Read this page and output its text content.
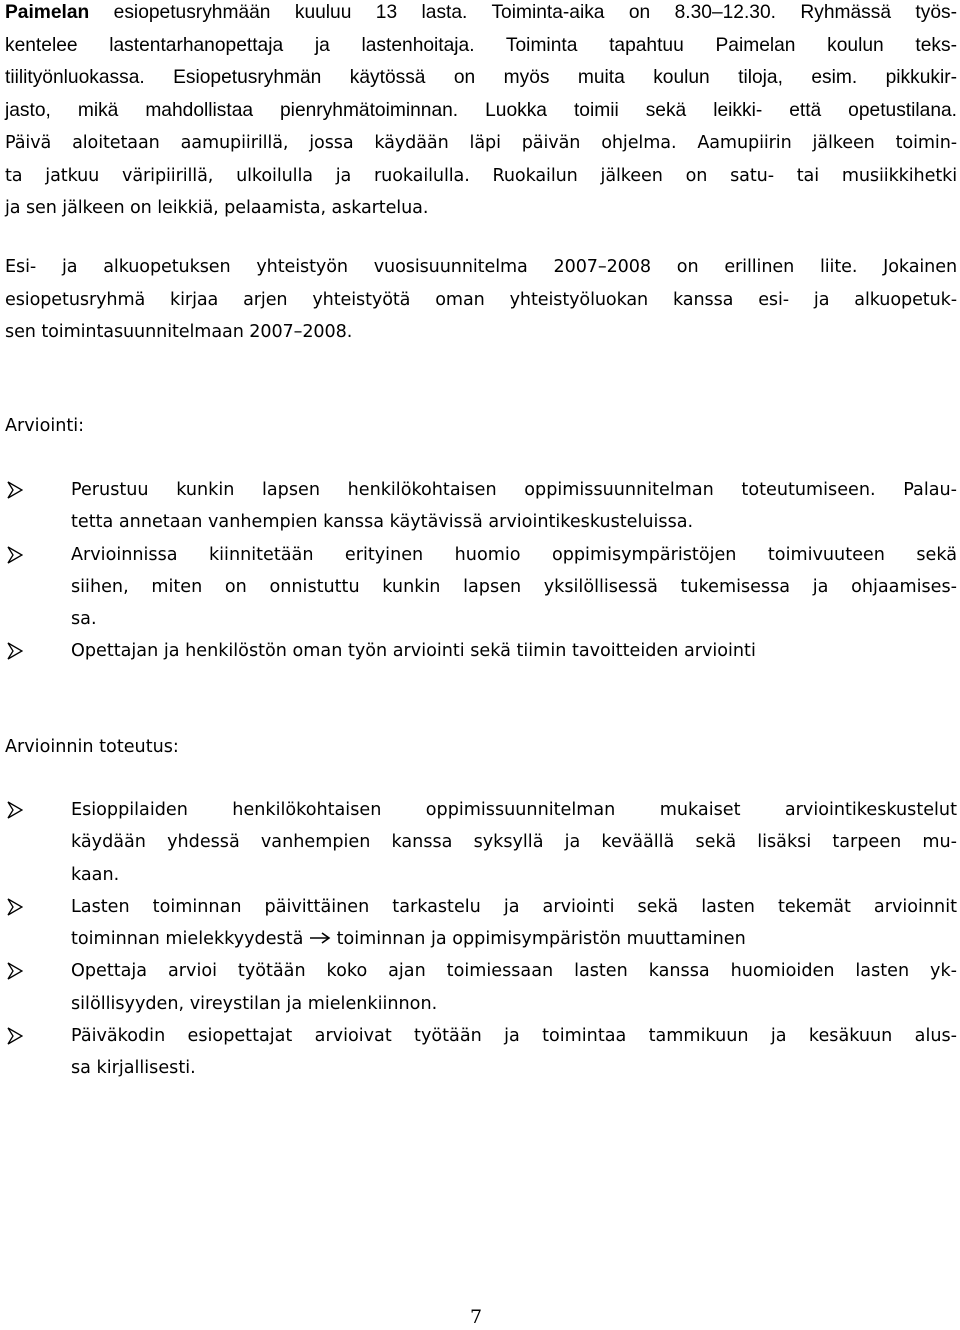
Paimelan esiopetusryhmään kuuluu 13 lasta. Toiminta-aika on 8.30–12.30. Ryhmässä työs-
kentelee lastentarhanopettaja ja lastenhoitaja. Toiminta tapahtuu Paimelan koulun teks-
tiilityönluokassa. Esiopetusryhmän käytössä on myös muita koulun tiloja, esim. pikkukir-
jasto, mikä mahdollistaa pienryhmätoiminnan. Luokka toimii sekä leikki- että opetustilana.
Päivä aloitetaan aamupiirillä, jossa käydään läpi päivän ohjelma. Aamupiirin jälkeen toimin-
ta jatkuu väripiirillä, ulkoilulla ja ruokailulla. Ruokailun jälkeen on satu- tai musiikkihetki
ja sen jälkeen on leikkiä, pelaamista, askartelua.
Esi- ja alkuopetuksen yhteistyön vuosisuunnitelma 2007–2008 on erillinen liite. Jokainen
esiopetusryhmä kirjaa arjen yhteistyötä oman yhteistyöluokan kanssa esi- ja alkuopetuk-
sen toimintasuunnitelmaan 2007–2008.

Arviointi:

Perustuu kunkin lapsen henkilökohtaisen oppimissuunnitelman toteutumiseen. Palau-
tetta annetaan vanhempien kanssa käytävissä arviointikeskusteluissa.
Arvioinnissa kiinnitetään erityinen huomio oppimisympäristöjen toimivuuteen sekä
siihen, miten on onnistuttu kunkin lapsen yksilöllisessä tukemisessa ja ohjaamises-
sa.
Opettajan ja henkilöstön oman työn arviointi sekä tiimin tavoitteiden arviointi

Arvioinnin toteutus:

Esioppilaiden henkilökohtaisen oppimissuunnitelman mukaiset arviointikeskustelut
käydään yhdessä vanhempien kanssa syksyllä ja keväällä sekä lisäksi tarpeen mu-
kaan.
Lasten toiminnan päivittäinen tarkastelu ja arviointi sekä lasten tekemät arvioinnit
toiminnan mielekkyydestä  toiminnan ja oppimisympäristön muuttaminen
Opettaja arvioi työtään koko ajan toimiessaan lasten kanssa huomioiden lasten yk-
silöllisyyden, vireystilan ja mielenkiinnon.
Päiväkodin esiopettajat arvioivat työtään ja toimintaa tammikuun ja kesäkuun alus-
sa kirjallisesti.
7
